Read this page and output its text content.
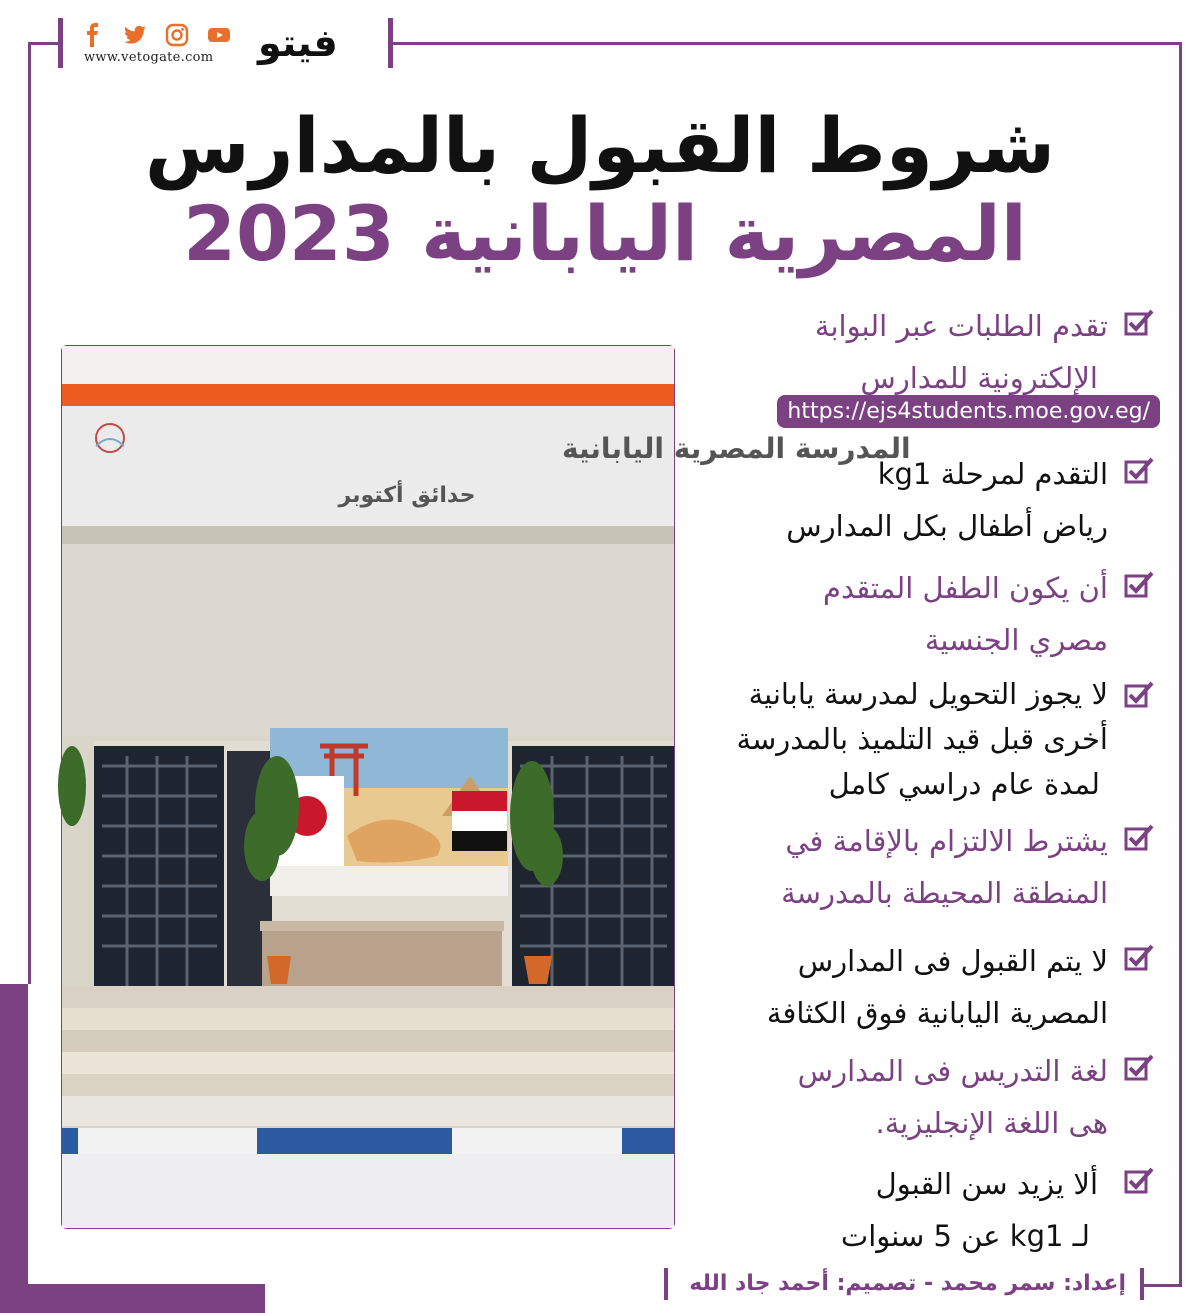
www.vetogate.com فيتو
شروط القبول بالمدارس
المصرية اليابانية 2023
المدرسة المصرية اليابانية
حدائق أكتوبر
تقدم الطلبات عبر البوابة
الإلكترونية للمدارس
https://ejs4students.moe.gov.eg/
التقدم لمرحلة kg1
رياض أطفال بكل المدارس
أن يكون الطفل المتقدم
مصري الجنسية
لا يجوز التحويل لمدرسة يابانية
أخرى قبل قيد التلميذ بالمدرسة
لمدة عام دراسي كامل
يشترط الالتزام بالإقامة في
المنطقة المحيطة بالمدرسة
لا يتم القبول فى المدارس
المصرية اليابانية فوق الكثافة
لغة التدريس فى المدارس
هى اللغة الإنجليزية.
ألا يزيد سن القبول
لـ kg1 عن 5 سنوات
إعداد: سمر محمد - تصميم: أحمد جاد الله
